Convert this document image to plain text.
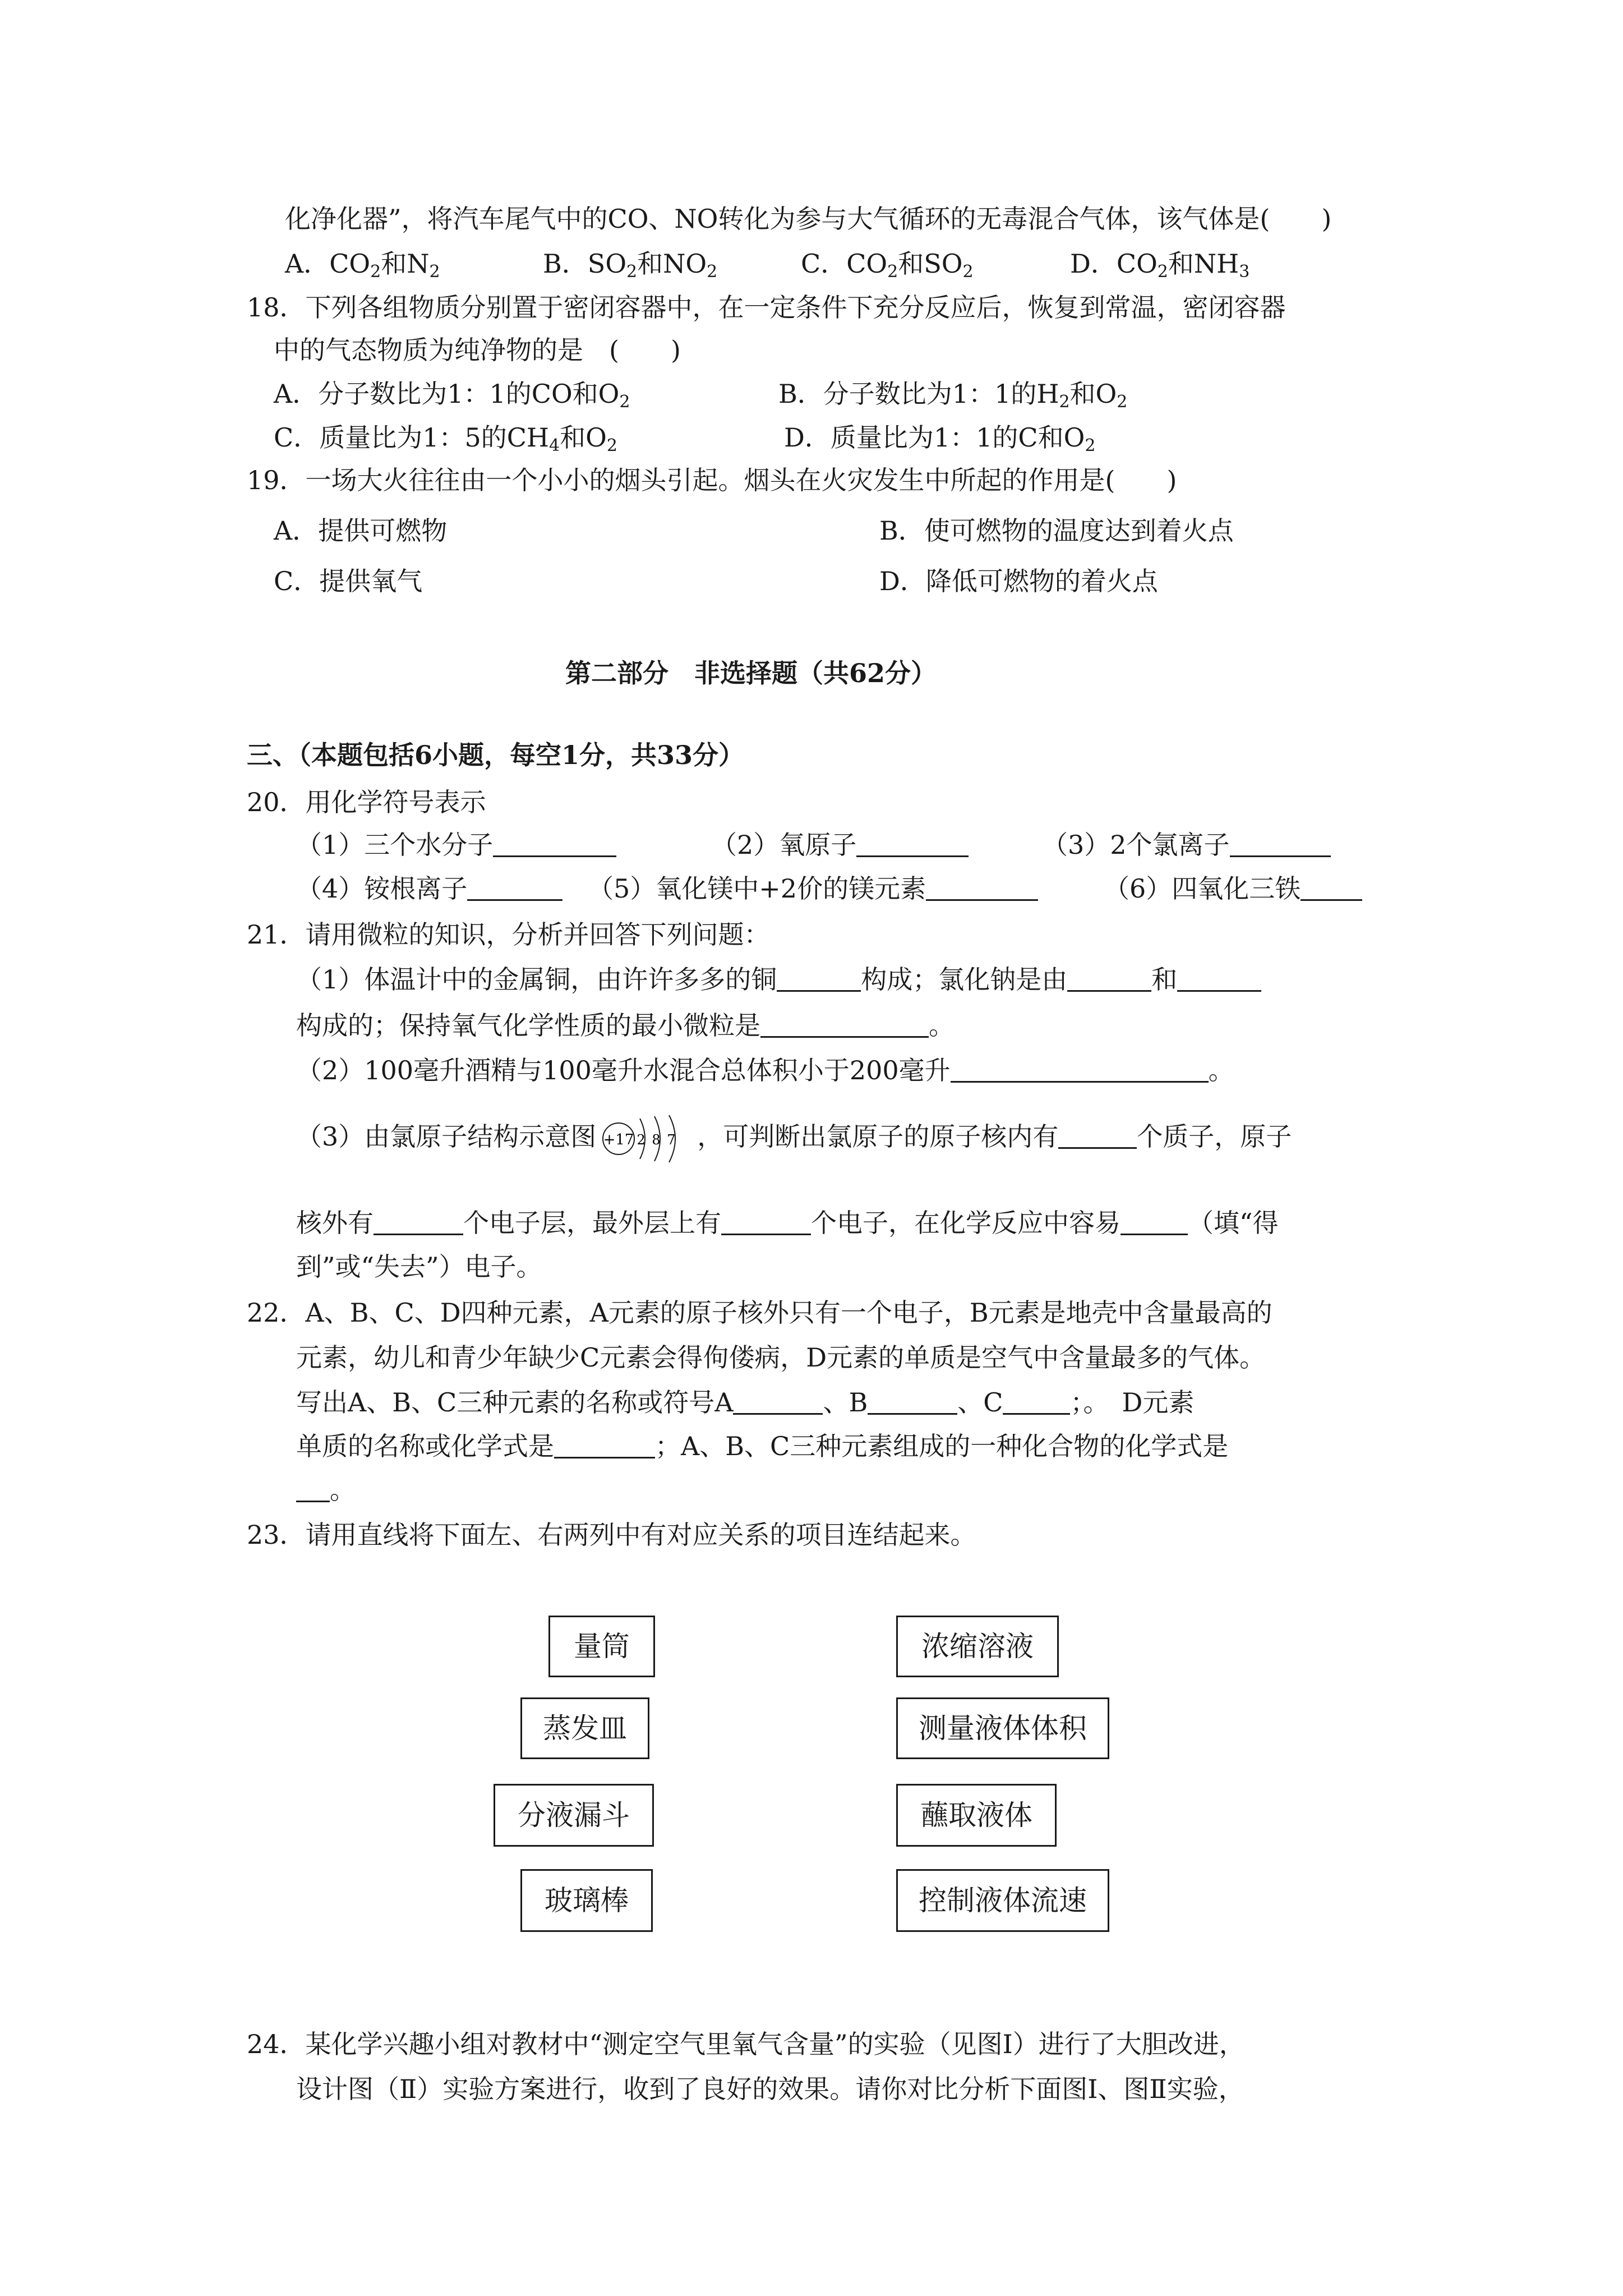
化净化器”，将汽车尾气中的CO、NO转化为参与大气循环的无毒混合气体，该气体是(　　)
A．$CO_2$和$N_2$	B．$SO_2$和$NO_2$	C．$CO_2$和$SO_2$	D．$CO_2$和$NH_3$
18．下列各组物质分别置于密闭容器中，在一定条件下充分反应后，恢复到常温，密闭容器
中的气态物质为纯净物的是　(　　)
A．分子数比为1：1的CO和$O_2$	B．分子数比为1：1的$H_2$和$O_2$
C．质量比为1：5的$CH_4$和$O_2$	D．质量比为1：1的C和$O_2$
19．一场大火往往由一个小小的烟头引起。烟头在火灾发生中所起的作用是(　　)
A．提供可燃物	B．使可燃物的温度达到着火点
C．提供氧气	D．降低可燃物的着火点
第二部分　非选择题（共62分）
三、（本题包括6小题，每空1分，共33分）
20．用化学符号表示
（1）三个水分子	（2）氧原子	（3）2个氯离子
（4）铵根离子	（5）氧化镁中+2价的镁元素	（6）四氧化三铁
21．请用微粒的知识，分析并回答下列问题：
（1）体温计中的金属铜，由许许多多的铜	构成；氯化钠是由	和
构成的；保持氧气化学性质的最小微粒是	。
（2）100毫升酒精与100毫升水混合总体积小于200毫升	。
（3）由氯原子结构示意图 +17 2 8 7 ，可判断出氯原子的原子核内有	个质子，原子
核外有	个电子层，最外层上有	个电子，在化学反应中容易	（填“得
到”或“失去”）电子。
22．A、B、C、D四种元素，A元素的原子核外只有一个电子，B元素是地壳中含量最高的
元素，幼儿和青少年缺少C元素会得佝偻病，D元素的单质是空气中含量最多的气体。
写出A、B、C三种元素的名称或符号A	、B	、C	；。　D元素
单质的名称或化学式是	；A、B、C三种元素组成的一种化合物的化学式是
。
23．请用直线将下面左、右两列中有对应关系的项目连结起来。
量筒
蒸发皿
分液漏斗
玻璃棒
浓缩溶液
测量液体体积
蘸取液体
控制液体流速
24．某化学兴趣小组对教材中“测定空气里氧气含量”的实验（见图Ⅰ）进行了大胆改进，
设计图（Ⅱ）实验方案进行，收到了良好的效果。请你对比分析下面图Ⅰ、图Ⅱ实验，
